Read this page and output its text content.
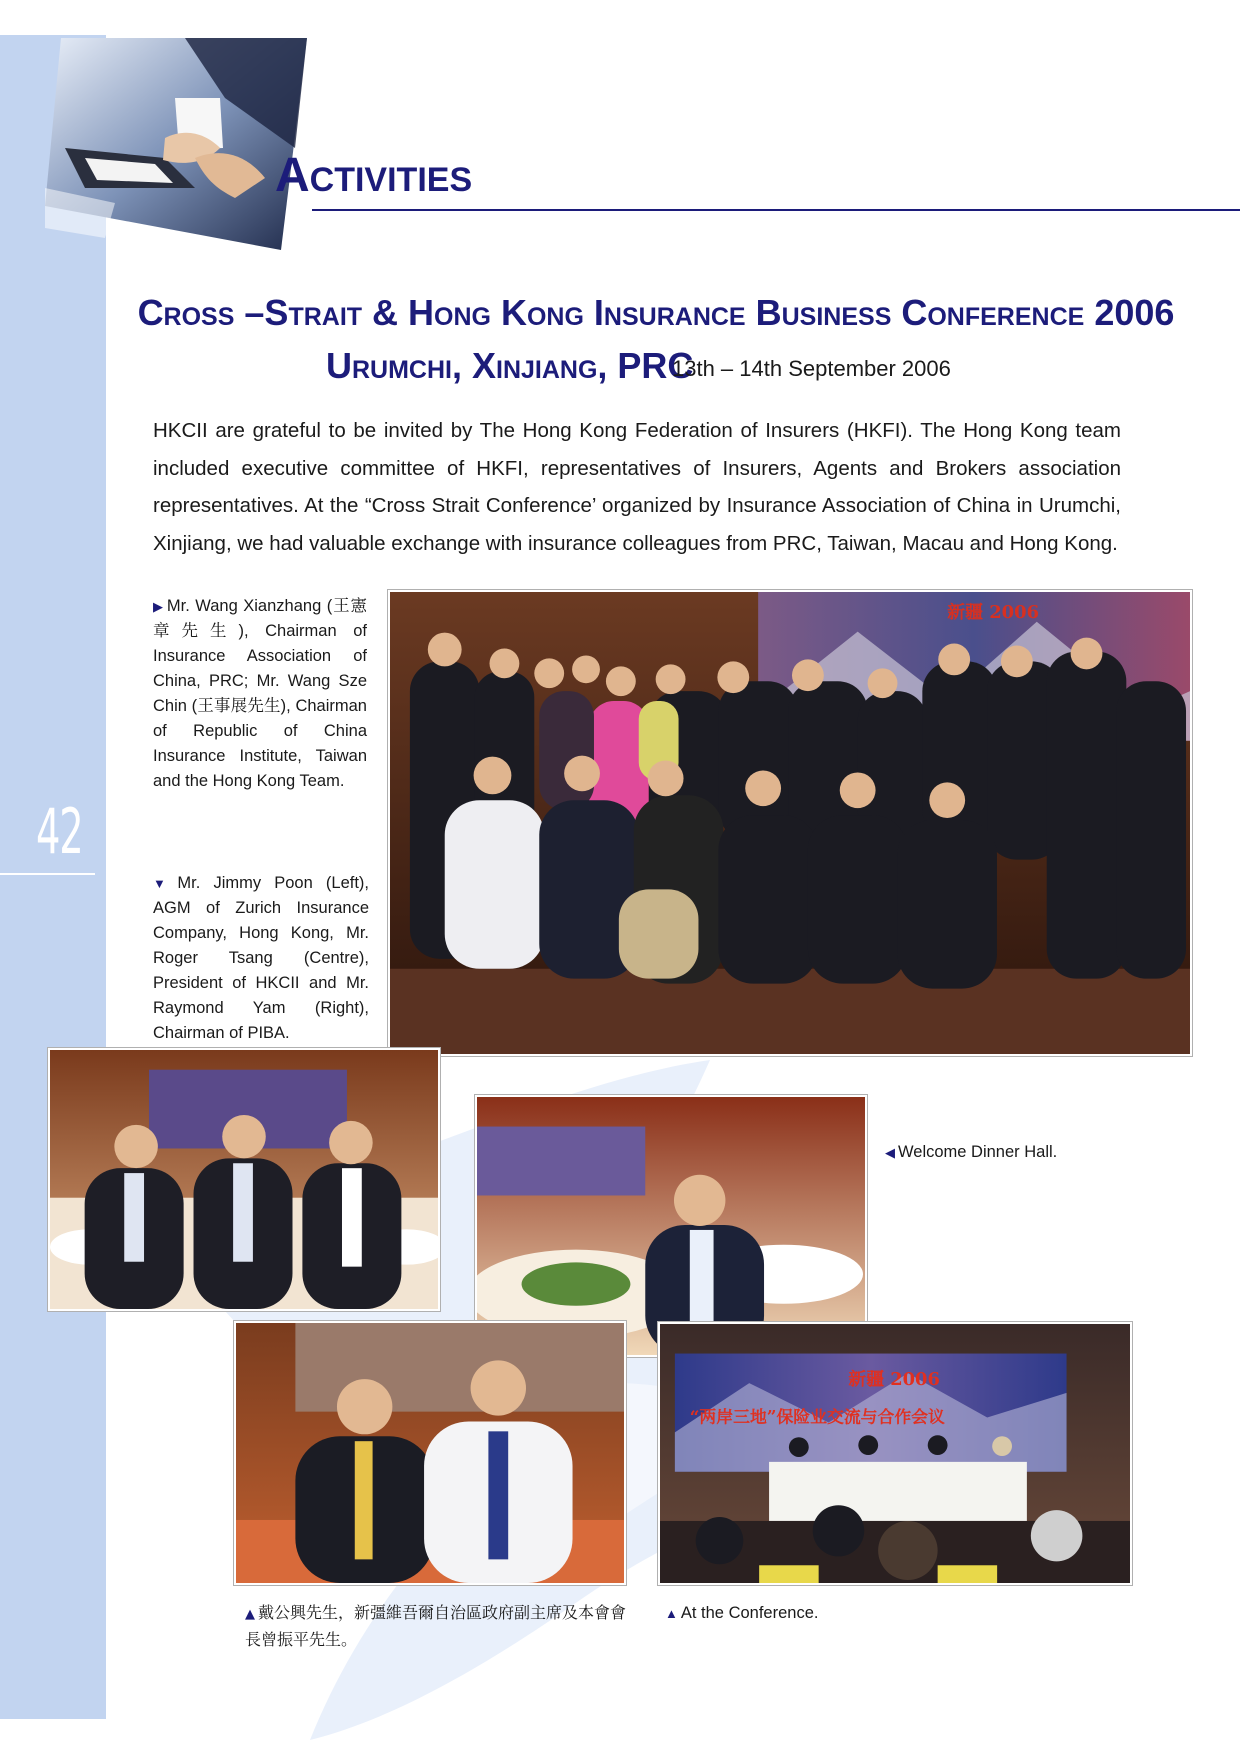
42
Activities
Cross –Strait & Hong Kong Insurance Business Conference 2006
Urumchi, Xinjiang, PRC
13th – 14th September 2006

HKCII are grateful to be invited by The Hong Kong Federation of Insurers (HKFI). The Hong Kong team included executive committee of HKFI, representatives of Insurers, Agents and Brokers association representatives. At the “Cross Strait Conference’ organized by Insurance Association of China in Urumchi, Xinjiang, we had valuable exchange with insurance colleagues from PRC, Taiwan, Macau and Hong Kong.

▶ Mr. Wang Xianzhang (王憲章先生), Chairman of Insurance Association of China, PRC; Mr. Wang Sze Chin (王事展先生), Chairman of Republic of China Insurance Institute, Taiwan and the Hong Kong Team.
▼ Mr. Jimmy Poon (Left), AGM of Zurich Insurance Company, Hong Kong, Mr. Roger Tsang (Centre), President of HKCII and Mr. Raymond Yam (Right), Chairman of PIBA.
新疆 2006
◀ Welcome Dinner Hall.
▲ 戴公興先生，新彊維吾爾自治區政府副主席及本會會長曾振平先生。
新疆 2006
“两岸三地”保险业交流与合作会议
▲ At the Conference.
